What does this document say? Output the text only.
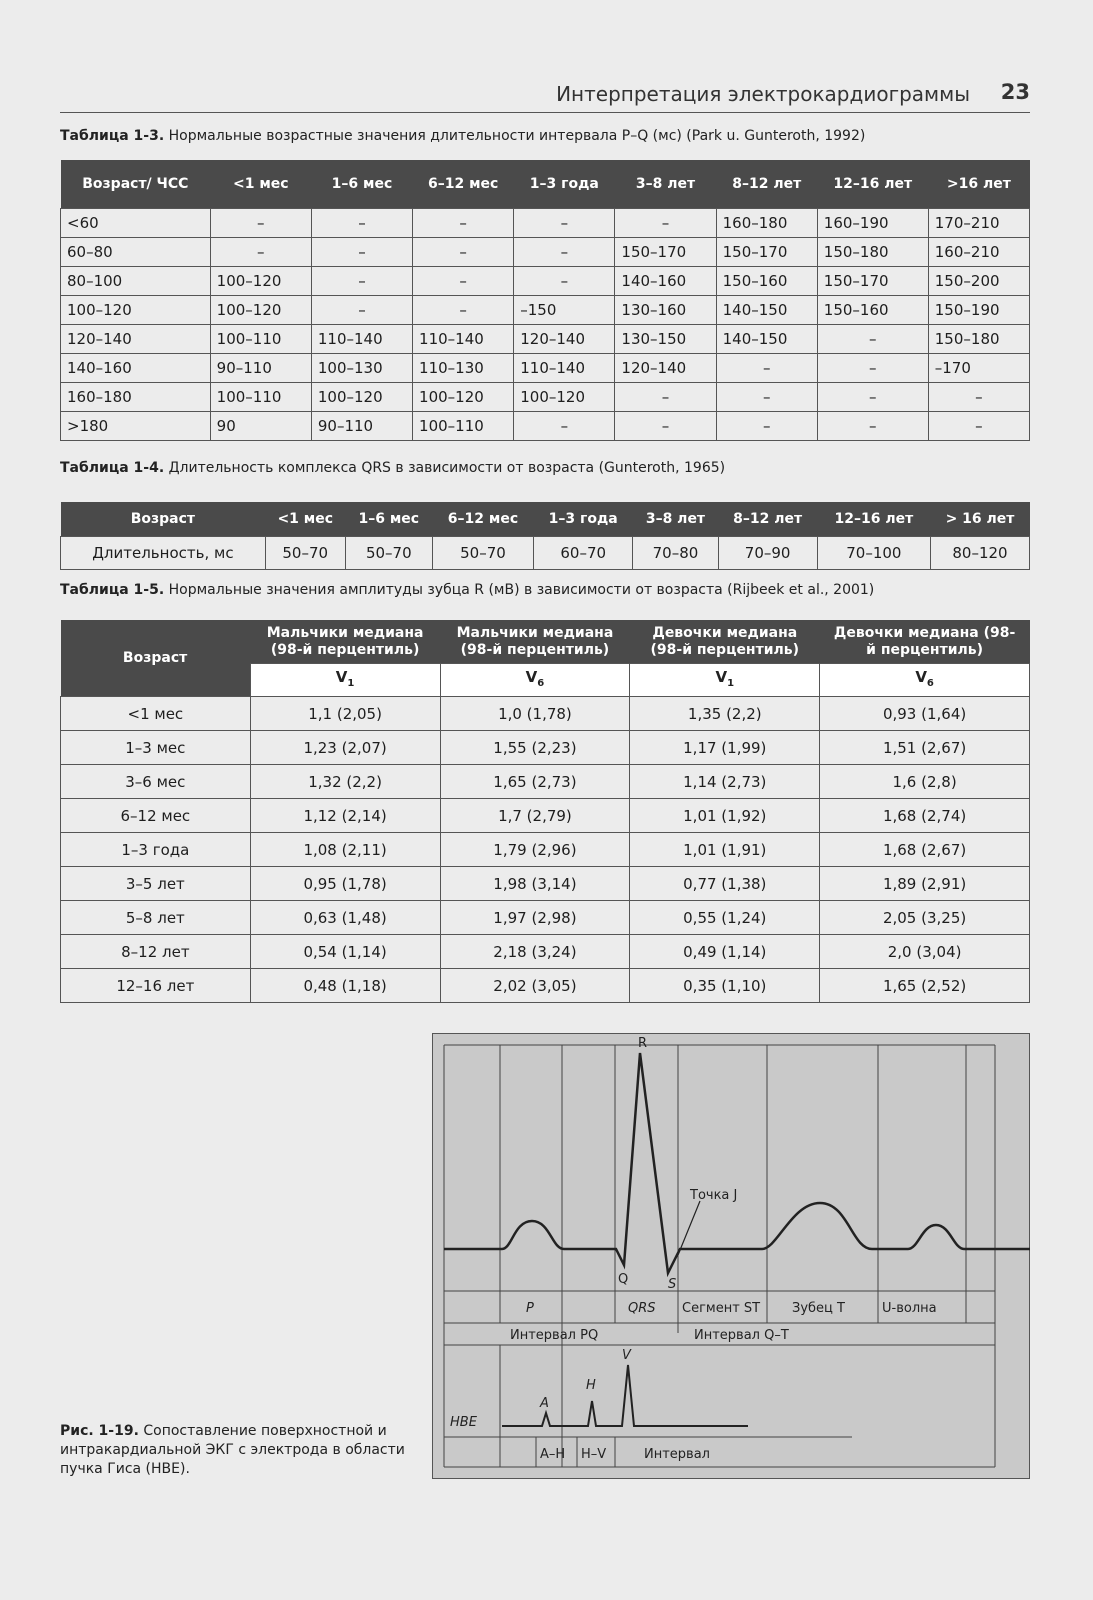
Интерпретация электрокардиограммы 23
Таблица 1-3. Нормальные возрастные значения длительности интервала P–Q (мс) (Park u. Gunteroth, 1992)
Возраст/ ЧСС	<1 мес	1–6 мес	6–12 мес	1–3 года	3–8 лет	8–12 лет	12–16 лет	>16 лет
<60	–	–	–	–	–	160–180	160–190	170–210
60–80	–	–	–	–	150–170	150–170	150–180	160–210
80–100	100–120	–	–	–	140–160	150–160	150–170	150–200
100–120	100–120	–	–	–150	130–160	140–150	150–160	150–190
120–140	100–110	110–140	110–140	120–140	130–150	140–150	–	150–180
140–160	90–110	100–130	110–130	110–140	120–140	–	–	–170
160–180	100–110	100–120	100–120	100–120	–	–	–	–
>180	90	90–110	100–110	–	–	–	–	–
Таблица 1-4. Длительность комплекса QRS в зависимости от возраста (Gunteroth, 1965)
Возраст	<1 мес	1–6 мес	6–12 мес	1–3 года	3–8 лет	8–12 лет	12–16 лет	> 16 лет
Длительность, мс	50–70	50–70	50–70	60–70	70–80	70–90	70–100	80–120
Таблица 1-5. Нормальные значения амплитуды зубца R (мВ) в зависимости от возраста (Rijbeek et al., 2001)
Возраст	Мальчики медиана (98-й перцентиль)	Мальчики медиана (98-й перцентиль)	Девочки медиана (98-й перцентиль)	Девочки медиана (98-й перцентиль)
	$V_1$	$V_6$	$V_1$	$V_6$
<1 мес	1,1 (2,05)	1,0 (1,78)	1,35 (2,2)	0,93 (1,64)
1–3 мес	1,23 (2,07)	1,55 (2,23)	1,17 (1,99)	1,51 (2,67)
3–6 мес	1,32 (2,2)	1,65 (2,73)	1,14 (2,73)	1,6 (2,8)
6–12 мес	1,12 (2,14)	1,7 (2,79)	1,01 (1,92)	1,68 (2,74)
1–3 года	1,08 (2,11)	1,79 (2,96)	1,01 (1,91)	1,68 (2,67)
3–5 лет	0,95 (1,78)	1,98 (3,14)	0,77 (1,38)	1,89 (2,91)
5–8 лет	0,63 (1,48)	1,97 (2,98)	0,55 (1,24)	2,05 (3,25)
8–12 лет	0,54 (1,14)	2,18 (3,24)	0,49 (1,14)	2,0 (3,04)
12–16 лет	0,48 (1,18)	2,02 (3,05)	0,35 (1,10)	1,65 (2,52)
R
Q	S
Точка J
P	QRS Сегмент ST Зубец T	U-волна
Интервал PQ	Интервал Q–T
HBE
A
H
V
A–H H–V	Интервал
Рис. 1-19. Сопоставление поверхностной и интракардиальной ЭКГ с электрода в области пучка Гиса (HBE).
